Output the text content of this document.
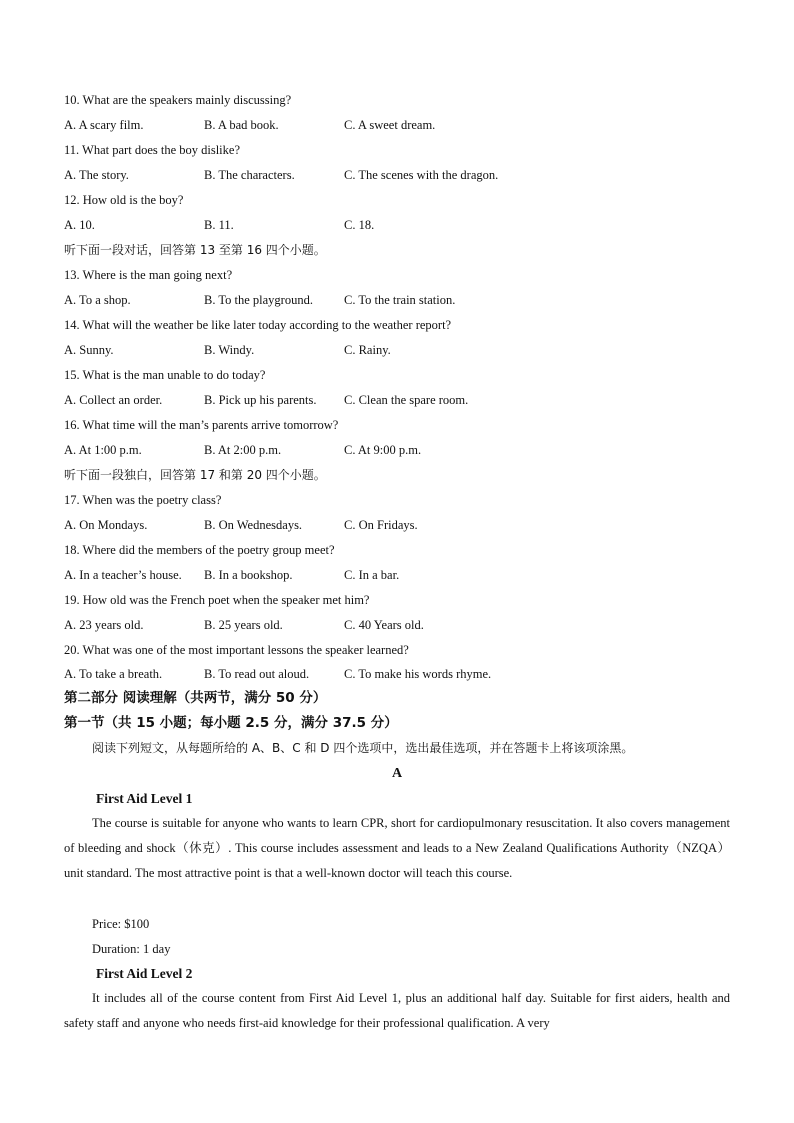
10. What are the speakers mainly discussing?
A. A scary film.	B. A bad book.	C. A sweet dream.
11. What part does the boy dislike?
A. The story.	B. The characters.	C. The scenes with the dragon.
12. How old is the boy?
A. 10.	B. 11.	C. 18.
听下面一段对话，回答第 13 至第 16 四个小题。
13. Where is the man going next?
A. To a shop.	B. To the playground. C. To the train station.
14. What will the weather be like later today according to the weather report?
A. Sunny.	B. Windy.	C. Rainy.
15. What is the man unable to do today?
A. Collect an order.	B. Pick up his parents. C. Clean the spare room.
16. What time will the man’s parents arrive tomorrow?
A. At 1:00 p.m.	B. At 2:00 p.m.	C. At 9:00 p.m.
听下面一段独白，回答第 17 和第 20 四个小题。
17. When was the poetry class?
A. On Mondays.	B. On Wednesdays.	C. On Fridays.
18. Where did the members of the poetry group meet?
A. In a teacher’s house. B. In a bookshop.	C. In a bar.
19. How old was the French poet when the speaker met him?
A. 23 years old.	B. 25 years old.	C. 40 Years old.
20. What was one of the most important lessons the speaker learned?
A. To take a breath.	B. To read out aloud.	C. To make his words rhyme.
第二部分 阅读理解（共两节，满分 50 分）
第一节（共 15 小题；每小题 2.5 分，满分 37.5 分）
阅读下列短文，从每题所给的 A、B、C 和 D 四个选项中，选出最佳选项，并在答题卡上将该项涂黑。
A
First Aid Level 1
The course is suitable for anyone who wants to learn CPR, short for cardiopulmonary resuscitation. It also covers management of bleeding and shock（休克）. This course includes assessment and leads to a New Zealand Qualifications Authority（NZQA）unit standard. The most attractive point is that a well-known doctor will teach this course.
Price: $100
Duration: 1 day
First Aid Level 2
It includes all of the course content from First Aid Level 1, plus an additional half day. Suitable for first aiders, health and safety staff and anyone who needs first-aid knowledge for their professional qualification. A very
